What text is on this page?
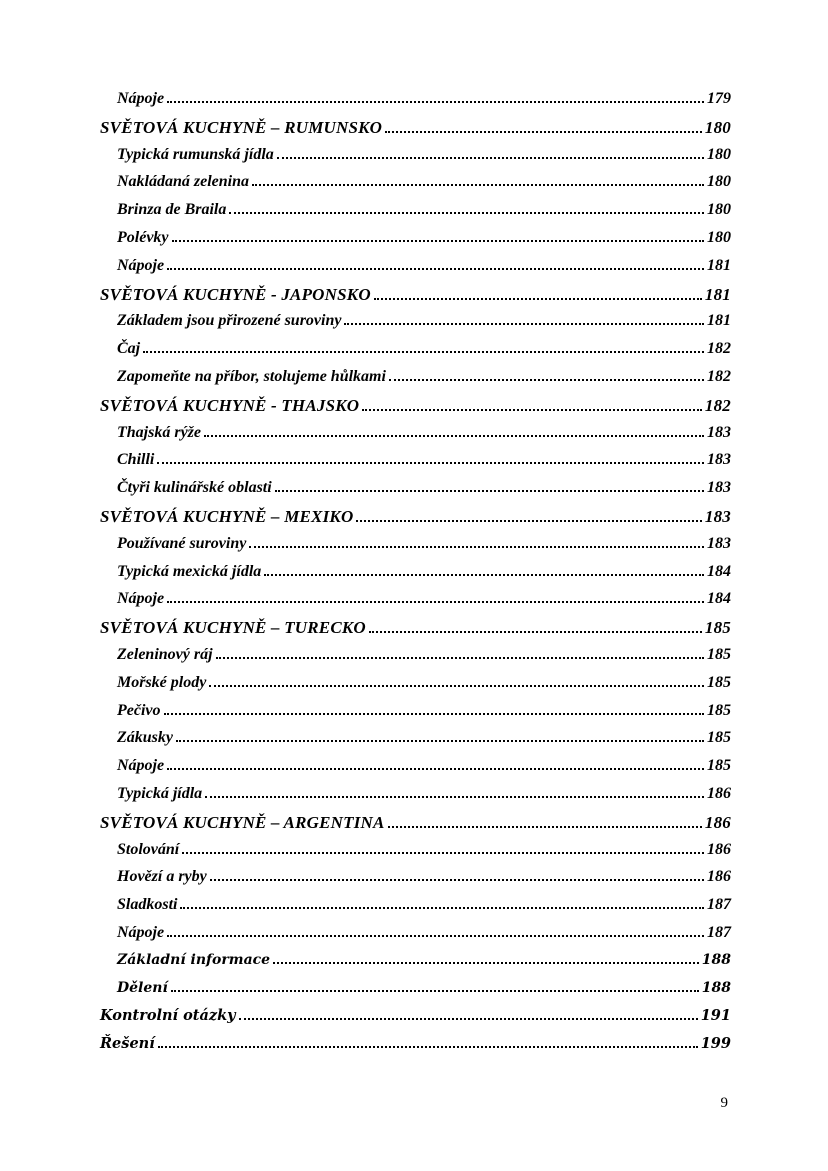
Nápoje	179
SVĚTOVÁ KUCHYNĚ – RUMUNSKO	180
Typická rumunská jídla	180
Nakládaná zelenina	180
Brinza de Braila	180
Polévky	180
Nápoje	181
SVĚTOVÁ KUCHYNĚ - JAPONSKO	181
Základem jsou přirozené suroviny	181
Čaj	182
Zapomeňte na příbor, stolujeme hůlkami	182
SVĚTOVÁ KUCHYNĚ - THAJSKO	182
Thajská rýže	183
Chilli	183
Čtyři kulinářské oblasti	183
SVĚTOVÁ KUCHYNĚ – MEXIKO	183
Používané suroviny	183
Typická mexická jídla	184
Nápoje	184
SVĚTOVÁ KUCHYNĚ – TURECKO	185
Zeleninový ráj	185
Mořské plody	185
Pečivo	185
Zákusky	185
Nápoje	185
Typická jídla	186
SVĚTOVÁ KUCHYNĚ – ARGENTINA	186
Stolování	186
Hovězí a ryby	186
Sladkosti	187
Nápoje	187
Základní informace	188
Dělení	188
Kontrolní otázky	191
Řešení	199
9
